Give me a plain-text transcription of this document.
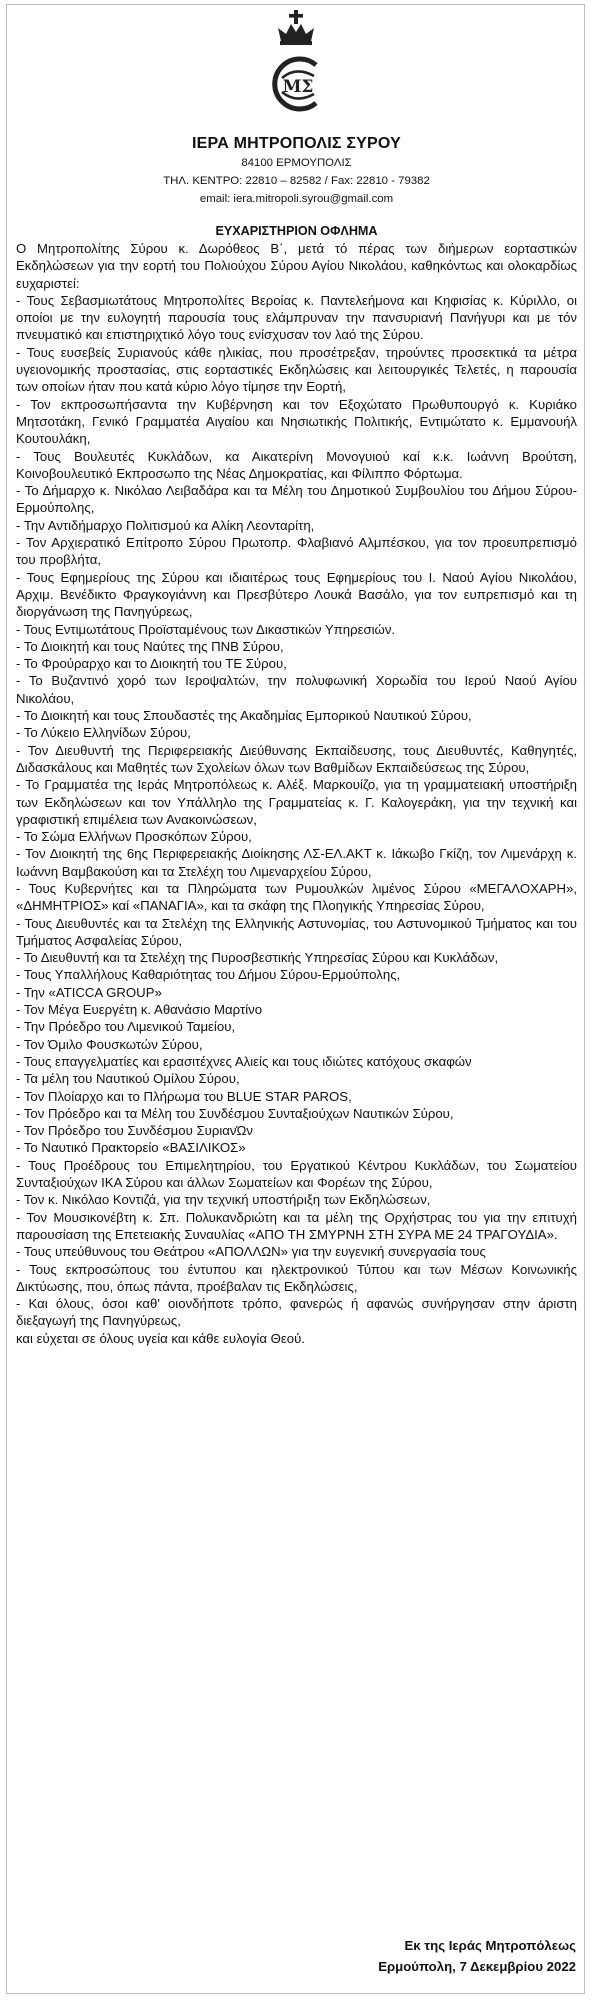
ΜΣ
ΙΕΡΑ ΜΗΤΡΟΠΟΛΙΣ ΣΥΡΟΥ
84100 ΕΡΜΟΥΠΟΛΙΣ
ΤΗΛ. ΚΕΝΤΡΟ: 22810 – 82582 / Fax: 22810 - 79382
email: iera.mitropoli.syrou@gmail.com
ΕΥΧΑΡΙΣΤΗΡΙΟΝ ΟΦΛΗΜΑ

Ο Μητροπολίτης Σύρου κ. Δωρόθεος Β΄, μετά τό πέρας των διήμερων εορταστικών Εκδηλώσεων για την εορτή του Πολιούχου Σύρου Αγίου Νικολάου, καθηκόντως και ολοκαρδίως ευχαριστεί:

- Τους Σεβασμιωτάτους Μητροπολίτες Βεροίας κ. Παντελεήμονα και Κηφισίας κ. Κύριλλο, οι οποίοι με την ευλογητή παρουσία τους ελάμπρυναν την πανσυριανή Πανήγυρι και με τόν πνευματικό και επιστηριχτικό λόγο τους ενίσχυσαν τον λαό της Σύρου.

- Τους ευσεβείς Συριανούς κάθε ηλικίας, που προσέτρεξαν, τηρούντες προσεκτικά τα μέτρα υγειονομικής προστασίας, στις εορταστικές Εκδηλώσεις και λειτουργικές Τελετές, η παρουσία των οποίων ήταν που κατά κύριο λόγο τίμησε την Εορτή,

- Τον εκπροσωπήσαντα την Κυβέρνηση και τον Εξοχώτατο Πρωθυπουργό κ. Κυριάκο Μητσοτάκη, Γενικό Γραμματέα Αιγαίου και Νησιωτικής Πολιτικής, Εντιμώτατο κ. Εμμανουήλ Κουτουλάκη,

- Τους Βουλευτές Κυκλάδων, κα Αικατερίνη Μονογυιού καί κ.κ. Ιωάννη Βρούτση, Κοινοβουλευτικό Εκπροσωπο της Νέας Δημοκρατίας, και Φίλιππο Φόρτωμα.

- Το Δήμαρχο κ. Νικόλαο Λειβαδάρα και τα Μέλη του Δημοτικού Συμβουλίου του Δήμου Σύρου-Ερμούπολης,

- Την Αντιδήμαρχο Πολιτισμού κα Αλίκη Λεονταρίτη,

- Τον Αρχιερατικό Επίτροπο Σύρου Πρωτοπρ. Φλαβιανό Αλμπέσκου, για τον προευπρεπισμό του προβλήτα,

- Τους Εφημερίους της Σύρου και ιδιαιτέρως τους Εφημερίους του Ι. Ναού Αγίου Νικολάου, Αρχιμ. Βενέδικτο Φραγκογιάννη και Πρεσβύτερο Λουκά Βασάλο, για τον ευπρεπισμό και τη διοργάνωση της Πανηγύρεως,

- Τους Εντιμωτάτους Προϊσταμένους των Δικαστικών Υπηρεσιών.

- Το Διοικητή και τους Ναύτες της ΠΝΒ Σύρου,

- Το Φρούραρχο και το Διοικητή του ΤΕ Σύρου,

- Το Βυζαντινό χορό των Ιεροψαλτών, την πολυφωνική Χορωδία του Ιερού Ναού Αγίου Νικολάου,

- Το Διοικητή και τους Σπουδαστές της Ακαδημίας Εμπορικού Ναυτικού Σύρου,

- Το Λύκειο Ελληνίδων Σύρου,

- Τον Διευθυντή της Περιφερειακής Διεύθυνσης Εκπαίδευσης, τους Διευθυντές, Καθηγητές, Διδασκάλους και Μαθητές των Σχολείων όλων των Βαθμίδων Εκπαιδεύσεως της Σύρου,

- Το Γραμματέα της Ιεράς Μητροπόλεως κ. Αλέξ. Μαρκουίζο, για τη γραμματειακή υποστήριξη των Εκδηλώσεων και τον Υπάλληλο της Γραμματείας κ. Γ. Καλογεράκη, για την τεχνική και γραφιστική επιμέλεια των Ανακοινώσεων,

- Το Σώμα Ελλήνων Προσκόπων Σύρου,

- Τον Διοικητή της 6ης Περιφερειακής Διοίκησης ΛΣ-ΕΛ.ΑΚΤ κ. Ιάκωβο Γκίζη, τον Λιμενάρχη κ. Ιωάννη Βαμβακούση και τα Στελέχη του Λιμεναρχείου Σύρου,

- Τους Κυβερνήτες και τα Πληρώματα των Ρυμουλκών λιμένος Σύρου «ΜΕΓΑΛΟΧΑΡΗ», «ΔΗΜΗΤΡΙΟΣ» καί «ΠΑΝΑΓΙΑ», και τα σκάφη της Πλοηγικής Υπηρεσίας Σύρου,

- Τους Διευθυντές και τα Στελέχη της Ελληνικής Αστυνομίας, του Αστυνομικού Τμήματος και του Τμήματος Ασφαλείας Σύρου,

- Το Διευθυντή και τα Στελέχη της Πυροσβεστικής Υπηρεσίας Σύρου και Κυκλάδων,

- Τους Υπαλλήλους Καθαριότητας του Δήμου Σύρου-Ερμούπολης,

- Την «ATICCA GROUP»

- Τον Μέγα Ευεργέτη κ. Αθανάσιο Μαρτίνο

- Την Πρόεδρο του Λιμενικού Ταμείου,

- Τον Όμιλο Φουσκωτών Σύρου,

- Τους επαγγελματίες και ερασιτέχνες Αλιείς και τους ιδιώτες κατόχους σκαφών

- Τα μέλη του Ναυτικού Ομίλου Σύρου,

- Τον Πλοίαρχο και το Πλήρωμα του BLUE STAR PAROS,

- Τον Πρόεδρο και τα Μέλη του Συνδέσμου Συνταξιούχων Ναυτικών Σύρου,

- Τον Πρόεδρο του Συνδέσμου ΣυριανΏν

- Το Ναυτικό Πρακτορείο «ΒΑΣΙΛΙΚΟΣ»

- Τους Προέδρους του Επιμελητηρίου, του Εργατικού Κέντρου Κυκλάδων, του Σωματείου Συνταξιούχων ΙΚΑ Σύρου και άλλων Σωματείων και Φορέων της Σύρου,

- Τον κ. Νικόλαο Κοντιζά, για την τεχνική υποστήριξη των Εκδηλώσεων,

- Τον Μουσικονέβτη κ. Σπ. Πολυκανδριώτη και τα μέλη της Ορχήστρας του για την επιτυχή παρουσίαση της Επετειακής Συναυλίας «ΑΠΟ ΤΗ ΣΜΥΡΝΗ ΣΤΗ ΣΥΡΑ ΜΕ 24 ΤΡΑΓΟΥΔΙΑ».

- Τους υπεύθυνους του Θεάτρου «ΑΠΟΛΛΩΝ» για την ευγενική συνεργασία τους

- Τους εκπροσώπους του έντυπου και ηλεκτρονικού Τύπου και των Μέσων Κοινωνικής Δικτύωσης, που, όπως πάντα, προέβαλαν τις Εκδηλώσεις,

- Και όλους, όσοι καθ' οιονδήποτε τρόπο, φανερώς ή αφανώς συνήργησαν στην άριστη διεξαγωγή της Πανηγύρεως,

και εύχεται σε όλους υγεία και κάθε ευλογία Θεού.

Εκ της Ιεράς Μητροπόλεως
Ερμούπολη, 7 Δεκεμβρίου 2022
